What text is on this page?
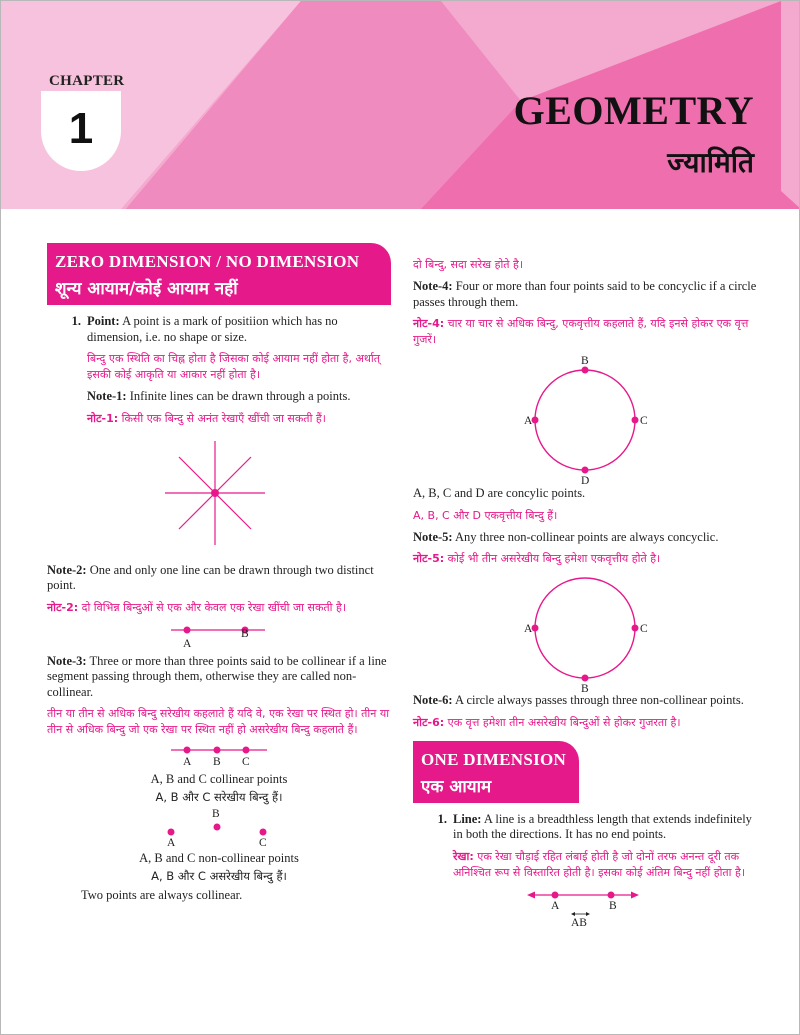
CHAPTER
1	GEOMETRY
ज्यामिति
ZERO DIMENSION / NO DIMENSION
शून्य आयाम/कोई आयाम नहीं
1. Point: A point is a mark of positiion which has no dimension, i.e. no shape or size.

बिन्दु एक स्थिति का चिह्न होता है जिसका कोई आयाम नहीं होता है, अर्थात् इसकी कोई आकृति या आकार नहीं होता है।

Note-1: Infinite lines can be drawn through a points.

नोट-1: किसी एक बिन्दु से अनंत रेखाएँ खींची जा सकती हैं।

Note-2: One and only one line can be drawn through two distinct point.

नोट-2: दो विभिन्न बिन्दुओं से एक और केवल एक रेखा खींची जा सकती है।

A
B

Note-3: Three or more than three points said to be collinear if a line segment passing through them, otherwise they are called non-collinear.

तीन या तीन से अधिक बिन्दु सरेखीय कहलाते हैं यदि वे, एक रेखा पर स्थित हो। तीन या तीन से अधिक बिन्दु जो एक रेखा पर स्थित नहीं हो असरेखीय बिन्दु कहलाते हैं।

A B C

A, B and C collinear points

A, B और C सरेखीय बिन्दु हैं।

B
A	C

A, B and C non-collinear points

A, B और C असरेखीय बिन्दु हैं।

Two points are always collinear.

दो बिन्दु, सदा सरेख होते है।

Note-4: Four or more than four points said to be concyclic if a circle passes through them.

नोट-4: चार या चार से अधिक बिन्दु, एकवृत्तीय कहलाते हैं, यदि इनसे होकर एक वृत्त गुजरें।

B
A	C
D

A, B, C and D are concylic points.

A, B, C और D एकवृत्तीय बिन्दु हैं।

Note-5: Any three non-collinear points are always concyclic.

नोट-5: कोई भी तीन असरेखीय बिन्दु हमेशा एकवृत्तीय होते है।

A	C
B

Note-6: A circle always passes through three non-collinear points.

नोट-6: एक वृत्त हमेशा तीन असरेखीय बिन्दुओं से होकर गुजरता है।

ONE DIMENSION
एक आयाम
1. Line: A line is a breadthless length that extends indefinitely in both the directions. It has no end points.

रेखा: एक रेखा चौड़ाई रहित लंबाई होती है जो दोनों तरफ अनन्त दूरी तक अनिश्चित रूप से विस्तारित होती है। इसका कोई अंतिम बिन्दु नहीं होता है।

A	B
AB
